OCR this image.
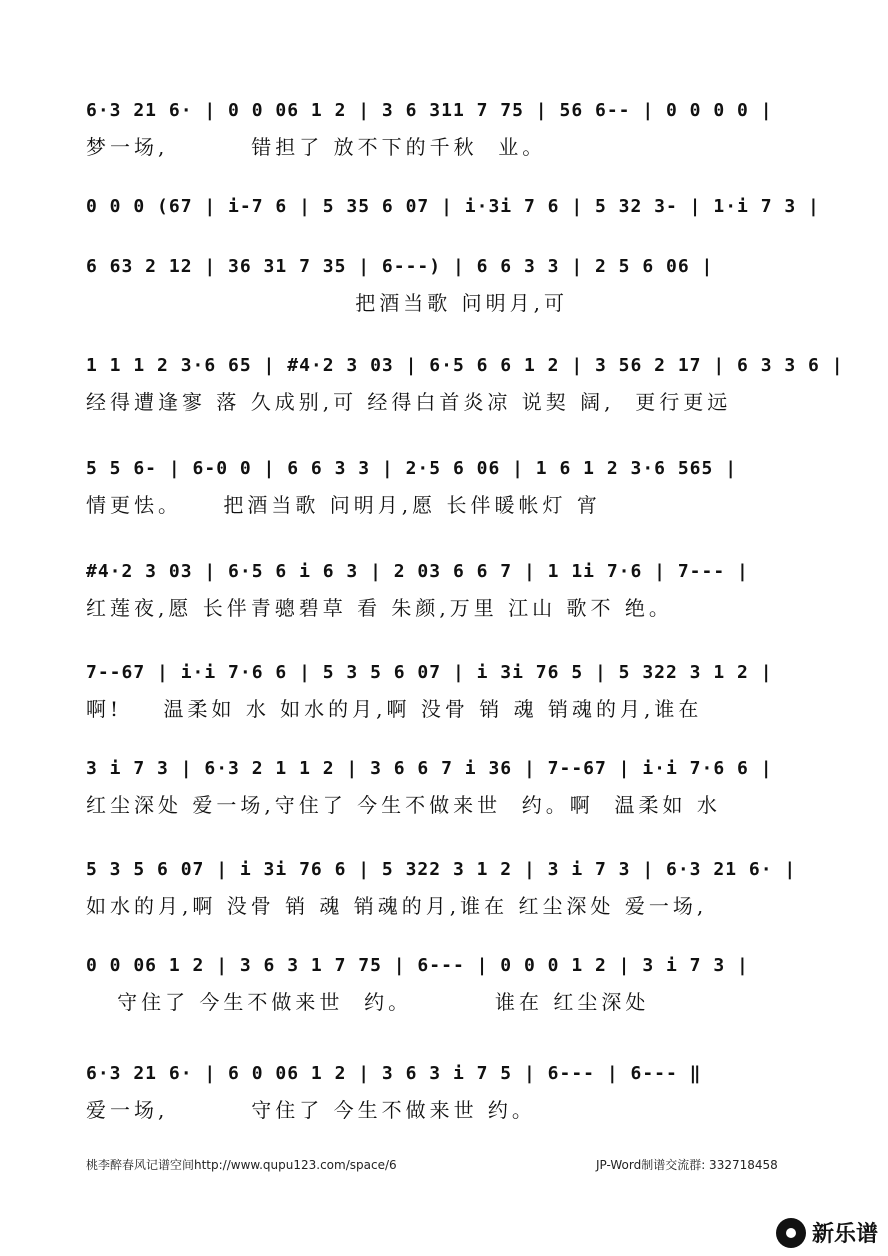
6·3 21 6· | 0 0 06 1 2 | 3 6 311 7 75 | 56 6-- | 0 0 0 0 |
梦一场,        错担了 放不下的千秋  业。
0 0 0 (67 | i-7 6 | 5 35 6 07 | i·3i 7 6 | 5 32 3- | 1·i 7 3 |
6 63 2 12 | 36 31 7 35 | 6---) | 6 6 3 3 | 2 5 6 06 |
把酒当歌 问明月,可
1 1 1 2 3·6 65 | #4·2 3 03 | 6·5 6 6 1 2 | 3 56 2 17 | 6 3 3 6 |
经得遭逢寥 落 久成别,可 经得白首炎凉 说契 阔,  更行更远
5 5 6- | 6-0 0 | 6 6 3 3 | 2·5 6 06 | 1 6 1 2 3·6 565 |
情更怯。    把酒当歌 问明月,愿 长伴暖帐灯 宵
#4·2 3 03 | 6·5 6 i 6 3 | 2 03 6 6 7 | 1 1i 7·6 | 7--- |
红莲夜,愿 长伴青骢碧草 看 朱颜,万里 江山 歌不 绝。
7--67 | i·i 7·6 6 | 5 3 5 6 07 | i 3i 76 5 | 5 322 3 1 2 |
啊!    温柔如 水 如水的月,啊 没骨 销 魂 销魂的月,谁在
3 i 7 3 | 6·3 2 1 1 2 | 3 6 6 7 i 36 | 7--67 | i·i 7·6 6 |
红尘深处 爱一场,守住了 今生不做来世  约。啊  温柔如 水
5 3 5 6 07 | i 3i 76 6 | 5 322 3 1 2 | 3 i 7 3 | 6·3 21 6· |
如水的月,啊 没骨 销 魂 销魂的月,谁在 红尘深处 爱一场,
0 0 06 1 2 | 3 6 3 1 7 75 | 6--- | 0 0 0 1 2 | 3 i 7 3 |
守住了 今生不做来世  约。        谁在 红尘深处
6·3 21 6· | 6 0 06 1 2 | 3 6 3 i 7 5 | 6--- | 6--- ‖
爱一场,        守住了 今生不做来世 约。
桃李醉春风记谱空间http://www.qupu123.com/space/6	JP-Word制谱交流群: 332718458
新乐谱
